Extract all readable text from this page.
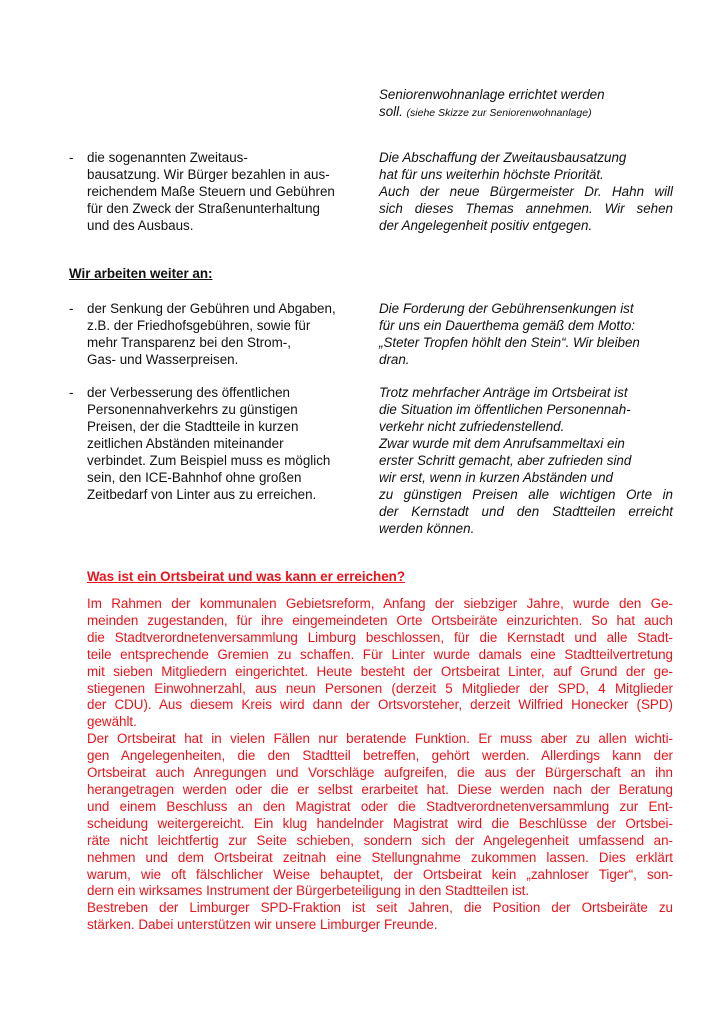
Seniorenwohnanlage errichtet werden

soll. (siehe Skizze zur Seniorenwohnanlage)

- die sogenannten Zweitaus-

bausatzung. Wir Bürger bezahlen in aus-

reichendem Maße Steuern und Gebühren

für den Zweck der Straßenunterhaltung

und des Ausbaus.

Die Abschaffung der Zweitausbausatzung

hat für uns weiterhin höchste Priorität.

Auch der neue Bürgermeister Dr. Hahn will

sich dieses Themas annehmen. Wir sehen

der Angelegenheit positiv entgegen.

Wir arbeiten weiter an:
- der Senkung der Gebühren und Abgaben,

z.B. der Friedhofsgebühren, sowie für

mehr Transparenz bei den Strom-,

Gas- und Wasserpreisen.

Die Forderung der Gebührensenkungen ist

für uns ein Dauerthema gemäß dem Motto:

„Steter Tropfen höhlt den Stein“. Wir bleiben

dran.

- der Verbesserung des öffentlichen

Personennahverkehrs zu günstigen

Preisen, der die Stadtteile in kurzen

zeitlichen Abständen miteinander

verbindet. Zum Beispiel muss es möglich

sein, den ICE-Bahnhof ohne großen

Zeitbedarf von Linter aus zu erreichen.

Trotz mehrfacher Anträge im Ortsbeirat ist

die Situation im öffentlichen Personennah-

verkehr nicht zufriedenstellend.

Zwar wurde mit dem Anrufsammeltaxi ein

erster Schritt gemacht, aber zufrieden sind

wir erst, wenn in kurzen Abständen und

zu günstigen Preisen alle wichtigen Orte in

der Kernstadt und den Stadtteilen erreicht

werden können.

Was ist ein Ortsbeirat und was kann er erreichen?

Im Rahmen der kommunalen Gebietsreform, Anfang der siebziger Jahre, wurde den Ge-

meinden zugestanden, für ihre eingemeindeten Orte Ortsbeiräte einzurichten. So hat auch

die Stadtverordnetenversammlung Limburg beschlossen, für die Kernstadt und alle Stadt-

teile entsprechende Gremien zu schaffen. Für Linter wurde damals eine Stadtteilvertretung

mit sieben Mitgliedern eingerichtet. Heute besteht der Ortsbeirat Linter, auf Grund der ge-

stiegenen Einwohnerzahl, aus neun Personen (derzeit 5 Mitglieder der SPD, 4 Mitglieder

der CDU). Aus diesem Kreis wird dann der Ortsvorsteher, derzeit Wilfried Honecker (SPD)

gewählt.

Der Ortsbeirat hat in vielen Fällen nur beratende Funktion. Er muss aber zu allen wichti-

gen Angelegenheiten, die den Stadtteil betreffen, gehört werden. Allerdings kann der

Ortsbeirat auch Anregungen und Vorschläge aufgreifen, die aus der Bürgerschaft an ihn

herangetragen werden oder die er selbst erarbeitet hat. Diese werden nach der Beratung

und einem Beschluss an den Magistrat oder die Stadtverordnetenversammlung zur Ent-

scheidung weitergereicht. Ein klug handelnder Magistrat wird die Beschlüsse der Ortsbei-

räte nicht leichtfertig zur Seite schieben, sondern sich der Angelegenheit umfassend an-

nehmen und dem Ortsbeirat zeitnah eine Stellungnahme zukommen lassen. Dies erklärt

warum, wie oft fälschlicher Weise behauptet, der Ortsbeirat kein „zahnloser Tiger“, son-

dern ein wirksames Instrument der Bürgerbeteiligung in den Stadtteilen ist.

Bestreben der Limburger SPD-Fraktion ist seit Jahren, die Position der Ortsbeiräte zu

stärken. Dabei unterstützen wir unsere Limburger Freunde.
